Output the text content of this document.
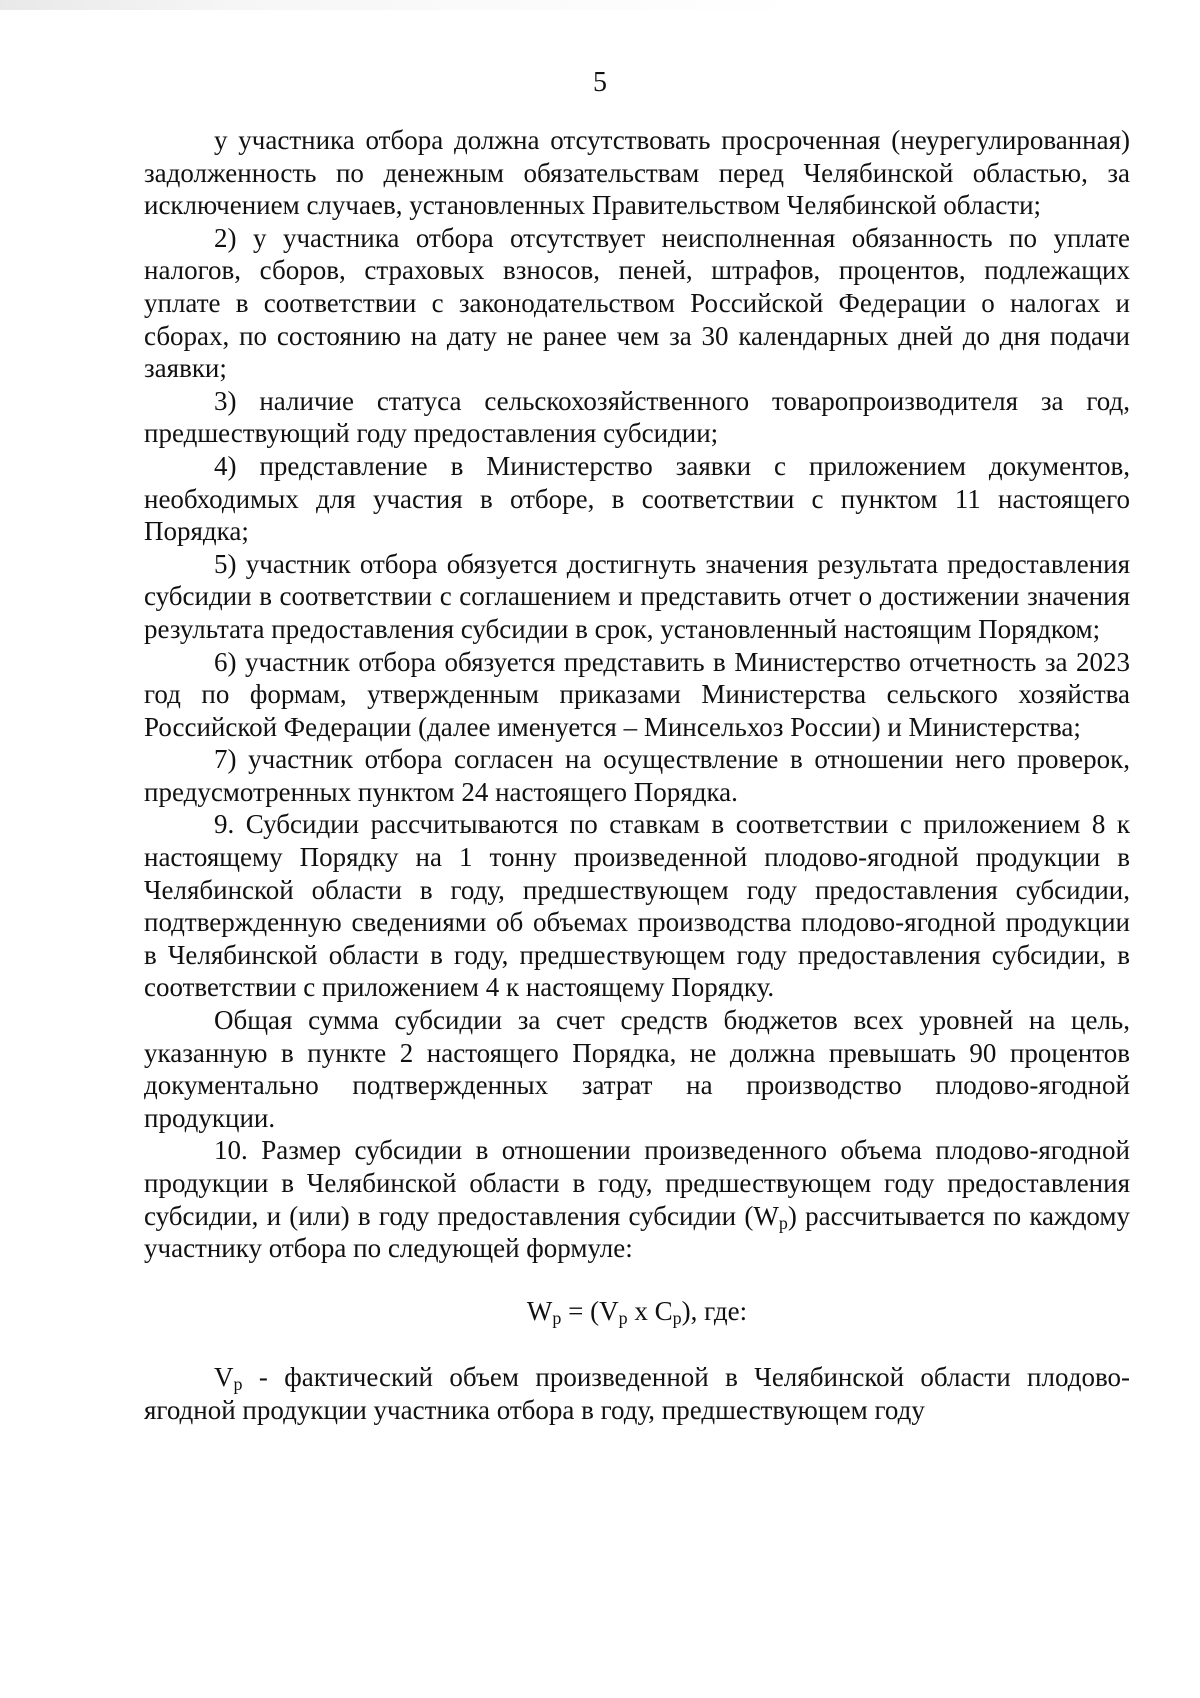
5

у участника отбора должна отсутствовать просроченная (неурегулированная) задолженность по денежным обязательствам перед Челябинской областью, за исключением случаев, установленных Правительством Челябинской области;

2) у участника отбора отсутствует неисполненная обязанность по уплате налогов, сборов, страховых взносов, пеней, штрафов, процентов, подлежащих уплате в соответствии с законодательством Российской Федерации о налогах и сборах, по состоянию на дату не ранее чем за 30 календарных дней до дня подачи заявки;

3) наличие статуса сельскохозяйственного товаропроизводителя за год, предшествующий году предоставления субсидии;

4) представление в Министерство заявки с приложением документов, необходимых для участия в отборе, в соответствии с пунктом 11 настоящего Порядка;

5) участник отбора обязуется достигнуть значения результата предоставления субсидии в соответствии с соглашением и представить отчет о достижении значения результата предоставления субсидии в срок, установленный настоящим Порядком;

6) участник отбора обязуется представить в Министерство отчетность за 2023 год по формам, утвержденным приказами Министерства сельского хозяйства Российской Федерации (далее именуется – Минсельхоз России) и Министерства;

7) участник отбора согласен на осуществление в отношении него проверок, предусмотренных пунктом 24 настоящего Порядка.

9. Субсидии рассчитываются по ставкам в соответствии с приложением 8 к настоящему Порядку на 1 тонну произведенной плодово-ягодной продукции в Челябинской области в году, предшествующем году предоставления субсидии, подтвержденную сведениями об объемах производства плодово-ягодной продукции в Челябинской области в году, предшествующем году предоставления субсидии, в соответствии с приложением 4 к настоящему Порядку.

Общая сумма субсидии за счет средств бюджетов всех уровней на цель, указанную в пункте 2 настоящего Порядка, не должна превышать 90 процентов документально подтвержденных затрат на производство плодово-ягодной продукции.

10. Размер субсидии в отношении произведенного объема плодово-ягодной продукции в Челябинской области в году, предшествующем году предоставления субсидии, и (или) в году предоставления субсидии $(W_p)$ рассчитывается по каждому участнику отбора по следующей формуле:

$W_p = (V_p$ x $C_p$), где:

$V_p$ - фактический объем произведенной в Челябинской области плодово-ягодной продукции участника отбора в году, предшествующем году
